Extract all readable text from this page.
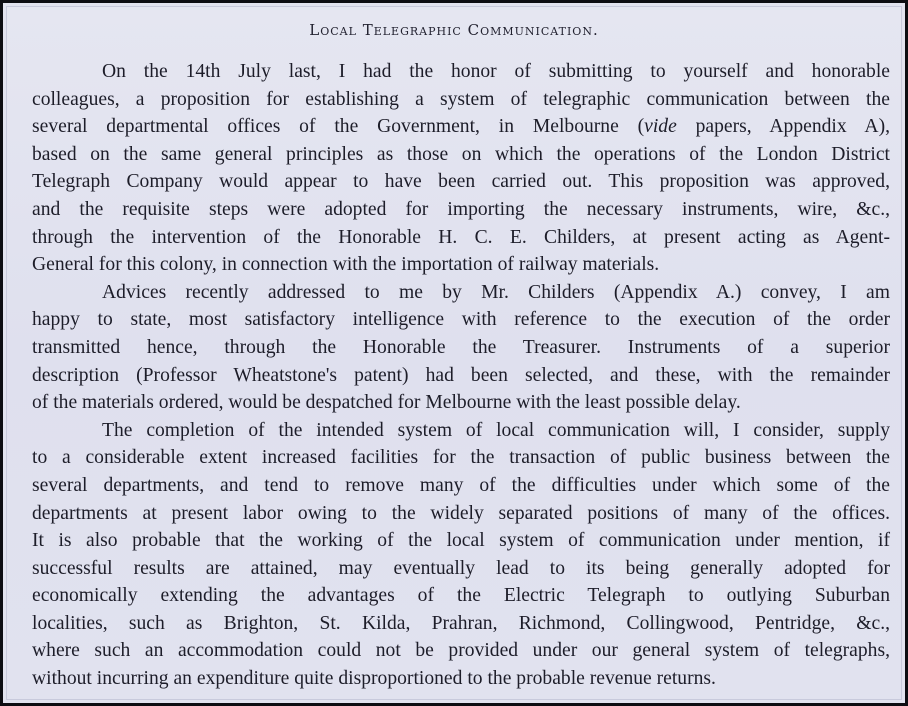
Local Telegraphic Communication.
On the 14th July last, I had the honor of submitting to yourself and honorable
colleagues, a proposition for establishing a system of telegraphic communication between the
several departmental offices of the Government, in Melbourne (vide papers, Appendix A),
based on the same general principles as those on which the operations of the London District
Telegraph Company would appear to have been carried out. This proposition was approved,
and the requisite steps were adopted for importing the necessary instruments, wire, &c.,
through the intervention of the Honorable H. C. E. Childers, at present acting as Agent-
General for this colony, in connection with the importation of railway materials.
Advices recently addressed to me by Mr. Childers (Appendix A.) convey, I am
happy to state, most satisfactory intelligence with reference to the execution of the order
transmitted hence, through the Honorable the Treasurer. Instruments of a superior
description (Professor Wheatstone's patent) had been selected, and these, with the remainder
of the materials ordered, would be despatched for Melbourne with the least possible delay.
The completion of the intended system of local communication will, I consider, supply
to a considerable extent increased facilities for the transaction of public business between the
several departments, and tend to remove many of the difficulties under which some of the
departments at present labor owing to the widely separated positions of many of the offices.
It is also probable that the working of the local system of communication under mention, if
successful results are attained, may eventually lead to its being generally adopted for
economically extending the advantages of the Electric Telegraph to outlying Suburban
localities, such as Brighton, St. Kilda, Prahran, Richmond, Collingwood, Pentridge, &c.,
where such an accommodation could not be provided under our general system of telegraphs,
without incurring an expenditure quite disproportioned to the probable revenue returns.
